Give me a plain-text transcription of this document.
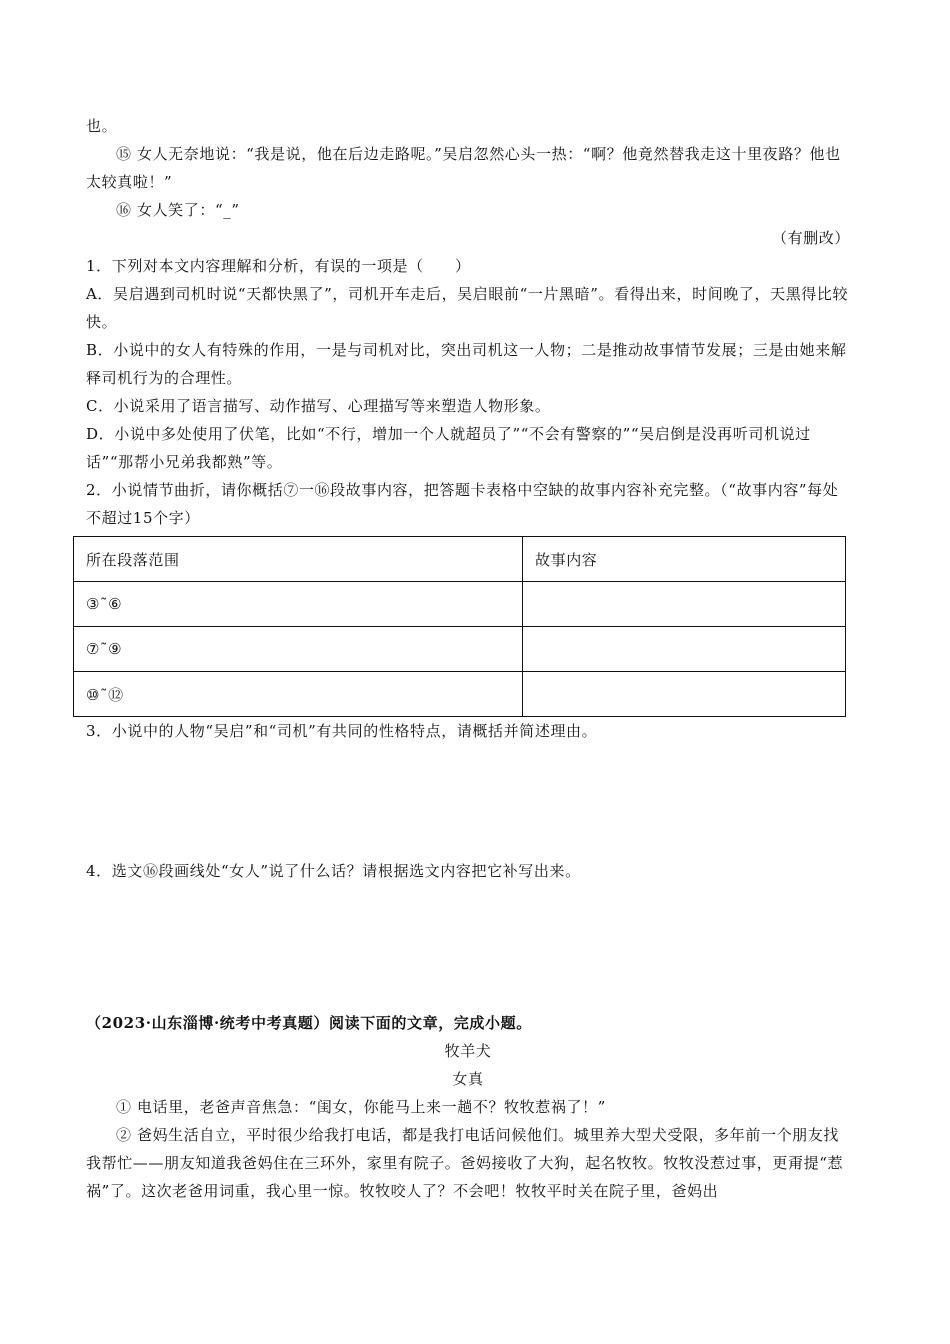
也。

⑮ 女人无奈地说：“我是说，他在后边走路呢。”吴启忽然心头一热：“啊？他竟然替我走这十里夜路？他也太较真啦！”

⑯ 女人笑了：“_”

（有删改）

1．下列对本文内容理解和分析，有误的一项是（　　）

A．吴启遇到司机时说“天都快黑了”，司机开车走后，吴启眼前“一片黑暗”。看得出来，时间晚了，天黑得比较快。

B．小说中的女人有特殊的作用，一是与司机对比，突出司机这一人物；二是推动故事情节发展；三是由她来解释司机行为的合理性。

C．小说采用了语言描写、动作描写、心理描写等来塑造人物形象。

D．小说中多处使用了伏笔，比如“不行，增加一个人就超员了”“不会有警察的”“吴启倒是没再听司机说过话”“那帮小兄弟我都熟”等。

2．小说情节曲折，请你概括⑦一⑯段故事内容，把答题卡表格中空缺的故事内容补充完整。（“故事内容”每处不超过15个字）

所在段落范围	故事内容
③˜⑥	
⑦˜⑨	
⑩˜⑫	

3．小说中的人物“吴启”和“司机”有共同的性格特点，请概括并简述理由。

4．选文⑯段画线处“女人”说了什么话？请根据选文内容把它补写出来。

（2023·山东淄博·统考中考真题）阅读下面的文章，完成小题。

牧羊犬

女真

① 电话里，老爸声音焦急：“闺女，你能马上来一趟不？牧牧惹祸了！”

② 爸妈生活自立，平时很少给我打电话，都是我打电话问候他们。城里养大型犬受限，多年前一个朋友找我帮忙——朋友知道我爸妈住在三环外，家里有院子。爸妈接收了大狗，起名牧牧。牧牧没惹过事，更甭提“惹祸”了。这次老爸用词重，我心里一惊。牧牧咬人了？不会吧！牧牧平时关在院子里，爸妈出
